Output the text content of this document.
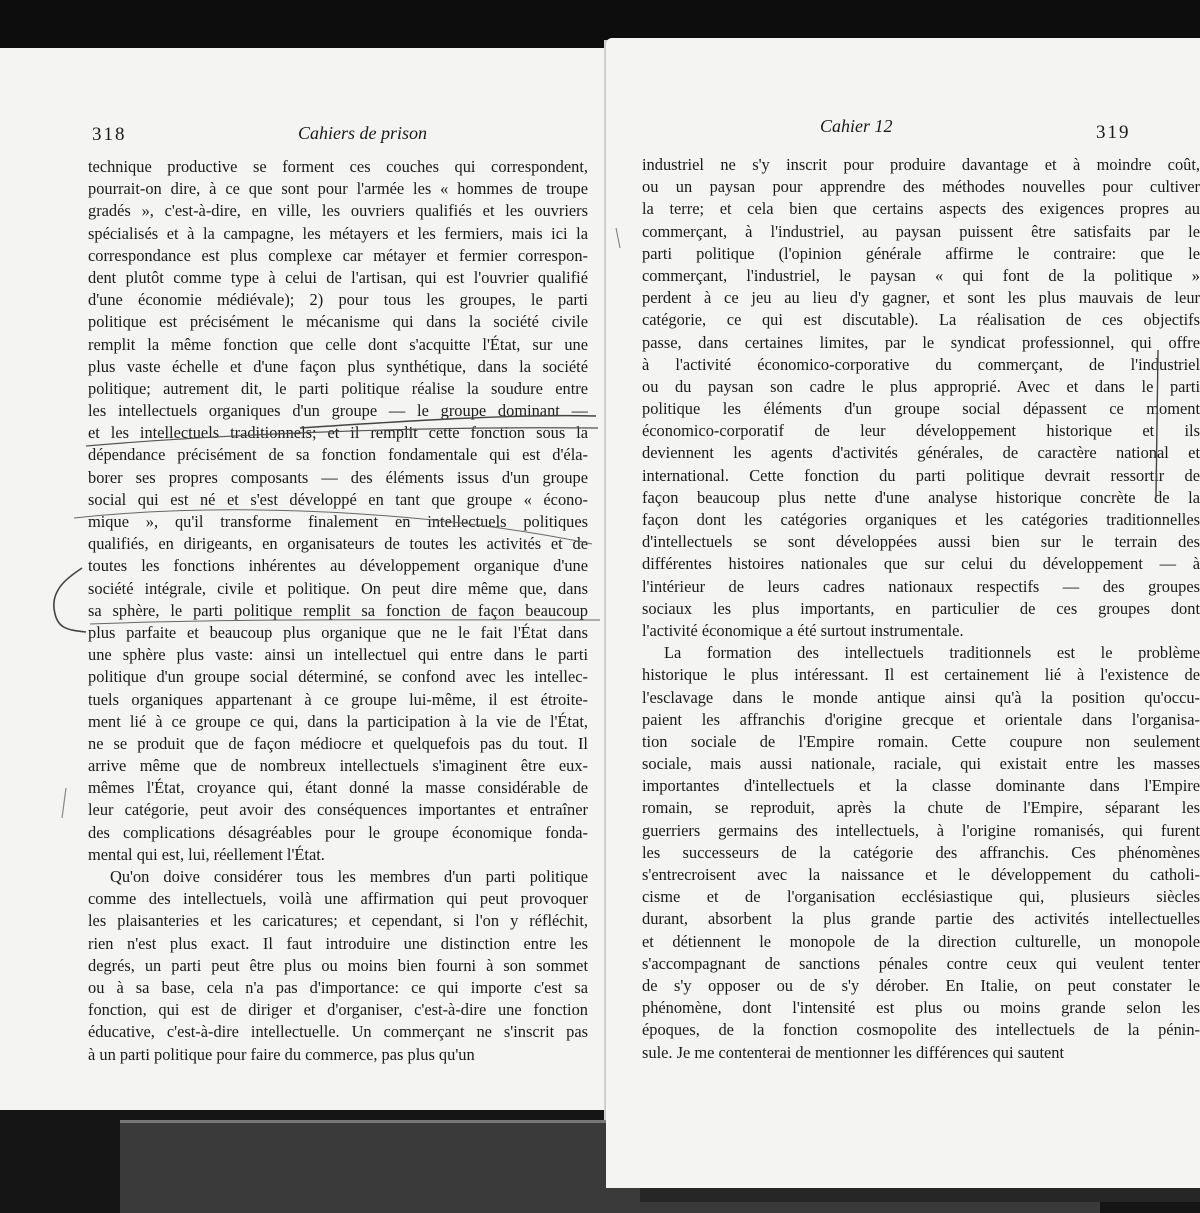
318	Cahiers de prison
technique productive se forment ces couches qui correspondent,
pourrait-on dire, à ce que sont pour l'armée les « hommes de troupe
gradés », c'est-à-dire, en ville, les ouvriers qualifiés et les ouvriers
spécialisés et à la campagne, les métayers et les fermiers, mais ici la
correspondance est plus complexe car métayer et fermier correspon-
dent plutôt comme type à celui de l'artisan, qui est l'ouvrier qualifié
d'une économie médiévale); 2) pour tous les groupes, le parti
politique est précisément le mécanisme qui dans la société civile
remplit la même fonction que celle dont s'acquitte l'État, sur une
plus vaste échelle et d'une façon plus synthétique, dans la société
politique; autrement dit, le parti politique réalise la soudure entre
les intellectuels organiques d'un groupe — le groupe dominant —
et les intellectuels traditionnels; et il remplit cette fonction sous la
dépendance précisément de sa fonction fondamentale qui est d'éla-
borer ses propres composants — des éléments issus d'un groupe
social qui est né et s'est développé en tant que groupe « écono-
mique », qu'il transforme finalement en intellectuels politiques
qualifiés, en dirigeants, en organisateurs de toutes les activités et de
toutes les fonctions inhérentes au développement organique d'une
société intégrale, civile et politique. On peut dire même que, dans
sa sphère, le parti politique remplit sa fonction de façon beaucoup
plus parfaite et beaucoup plus organique que ne le fait l'État dans
une sphère plus vaste: ainsi un intellectuel qui entre dans le parti
politique d'un groupe social déterminé, se confond avec les intellec-
tuels organiques appartenant à ce groupe lui-même, il est étroite-
ment lié à ce groupe ce qui, dans la participation à la vie de l'État,
ne se produit que de façon médiocre et quelquefois pas du tout. Il
arrive même que de nombreux intellectuels s'imaginent être eux-
mêmes l'État, croyance qui, étant donné la masse considérable de
leur catégorie, peut avoir des conséquences importantes et entraîner
des complications désagréables pour le groupe économique fonda-
mental qui est, lui, réellement l'État.
Qu'on doive considérer tous les membres d'un parti politique
comme des intellectuels, voilà une affirmation qui peut provoquer
les plaisanteries et les caricatures; et cependant, si l'on y réfléchit,
rien n'est plus exact. Il faut introduire une distinction entre les
degrés, un parti peut être plus ou moins bien fourni à son sommet
ou à sa base, cela n'a pas d'importance: ce qui importe c'est sa
fonction, qui est de diriger et d'organiser, c'est-à-dire une fonction
éducative, c'est-à-dire intellectuelle. Un commerçant ne s'inscrit pas
à un parti politique pour faire du commerce, pas plus qu'un
Cahier 12	319
industriel ne s'y inscrit pour produire davantage et à moindre coût,
ou un paysan pour apprendre des méthodes nouvelles pour cultiver
la terre; et cela bien que certains aspects des exigences propres au
commerçant, à l'industriel, au paysan puissent être satisfaits par le
parti politique (l'opinion générale affirme le contraire: que le
commerçant, l'industriel, le paysan « qui font de la politique »
perdent à ce jeu au lieu d'y gagner, et sont les plus mauvais de leur
catégorie, ce qui est discutable). La réalisation de ces objectifs
passe, dans certaines limites, par le syndicat professionnel, qui offre
à l'activité économico-corporative du commerçant, de l'industriel
ou du paysan son cadre le plus approprié. Avec et dans le parti
politique les éléments d'un groupe social dépassent ce moment
économico-corporatif de leur développement historique et ils
deviennent les agents d'activités générales, de caractère national et
international. Cette fonction du parti politique devrait ressortir de
façon beaucoup plus nette d'une analyse historique concrète de la
façon dont les catégories organiques et les catégories traditionnelles
d'intellectuels se sont développées aussi bien sur le terrain des
différentes histoires nationales que sur celui du développement — à
l'intérieur de leurs cadres nationaux respectifs — des groupes
sociaux les plus importants, en particulier de ces groupes dont
l'activité économique a été surtout instrumentale.
La formation des intellectuels traditionnels est le problème
historique le plus intéressant. Il est certainement lié à l'existence de
l'esclavage dans le monde antique ainsi qu'à la position qu'occu-
paient les affranchis d'origine grecque et orientale dans l'organisa-
tion sociale de l'Empire romain. Cette coupure non seulement
sociale, mais aussi nationale, raciale, qui existait entre les masses
importantes d'intellectuels et la classe dominante dans l'Empire
romain, se reproduit, après la chute de l'Empire, séparant les
guerriers germains des intellectuels, à l'origine romanisés, qui furent
les successeurs de la catégorie des affranchis. Ces phénomènes
s'entrecroisent avec la naissance et le développement du catholi-
cisme et de l'organisation ecclésiastique qui, plusieurs siècles
durant, absorbent la plus grande partie des activités intellectuelles
et détiennent le monopole de la direction culturelle, un monopole
s'accompagnant de sanctions pénales contre ceux qui veulent tenter
de s'y opposer ou de s'y dérober. En Italie, on peut constater le
phénomène, dont l'intensité est plus ou moins grande selon les
époques, de la fonction cosmopolite des intellectuels de la pénin-
sule. Je me contenterai de mentionner les différences qui sautent
